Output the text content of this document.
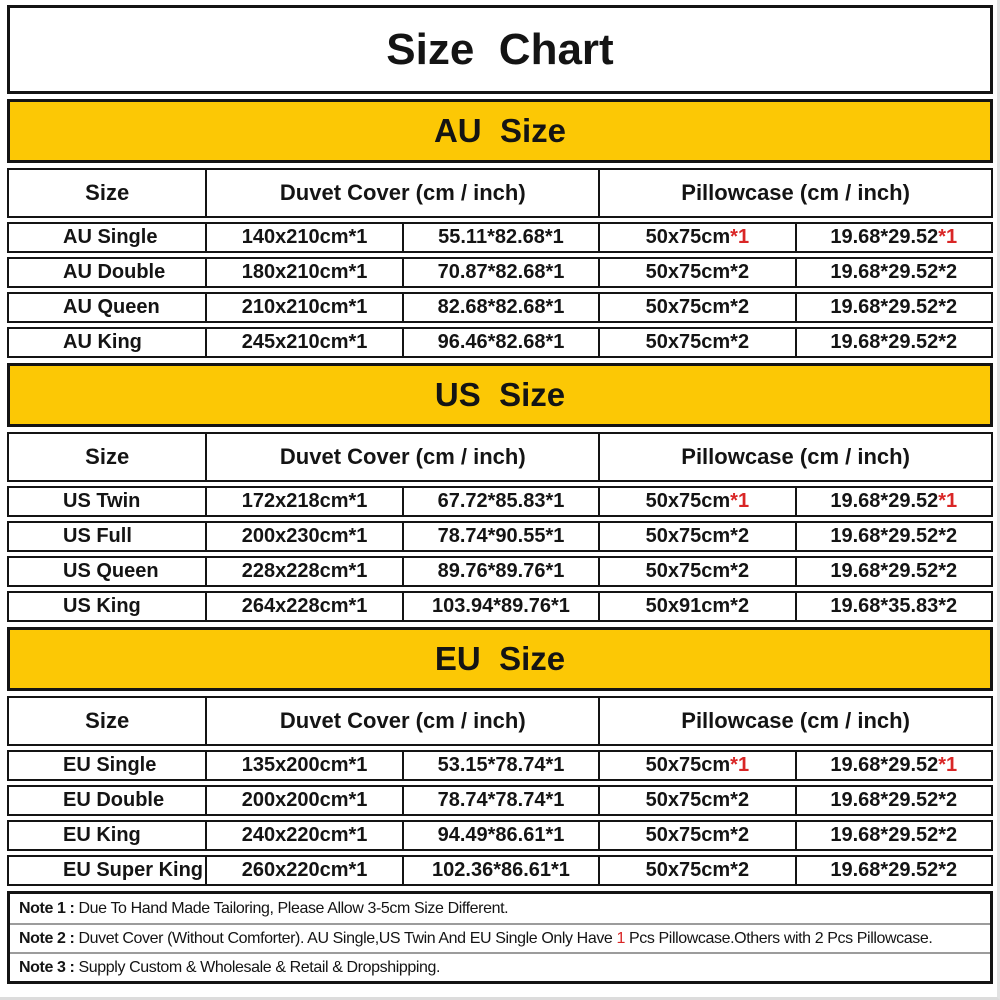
Size  Chart
AU  Size
Size	Duvet Cover (cm / inch)	Pillowcase (cm / inch)
AU Single	140x210cm*1	55.11*82.68*1	50x75cm *1	19.68*29.52 *1
AU Double	180x210cm*1	70.87*82.68*1	50x75cm*2	19.68*29.52*2
AU Queen	210x210cm*1	82.68*82.68*1	50x75cm*2	19.68*29.52*2
AU King	245x210cm*1	96.46*82.68*1	50x75cm*2	19.68*29.52*2
US  Size
Size	Duvet Cover (cm / inch)	Pillowcase (cm / inch)
US Twin	172x218cm*1	67.72*85.83*1	50x75cm *1	19.68*29.52 *1
US Full	200x230cm*1	78.74*90.55*1	50x75cm*2	19.68*29.52*2
US Queen	228x228cm*1	89.76*89.76*1	50x75cm*2	19.68*29.52*2
US King	264x228cm*1	103.94*89.76*1	50x91cm*2	19.68*35.83*2
EU  Size
Size	Duvet Cover (cm / inch)	Pillowcase (cm / inch)
EU Single	135x200cm*1	53.15*78.74*1	50x75cm *1	19.68*29.52 *1
EU Double	200x200cm*1	78.74*78.74*1	50x75cm*2	19.68*29.52*2
EU King	240x220cm*1	94.49*86.61*1	50x75cm*2	19.68*29.52*2
EU Super King 260x220cm*1	102.36*86.61*1	50x75cm*2	19.68*29.52*2
Note 1 : Due To Hand Made Tailoring, Please Allow 3-5cm Size Different.
Note 2 : Duvet Cover (Without Comforter). AU Single,US Twin And EU Single Only Have 1 Pcs Pillowcase.Others with 2 Pcs Pillowcase.
Note 3 : Supply Custom & Wholesale & Retail & Dropshipping.
